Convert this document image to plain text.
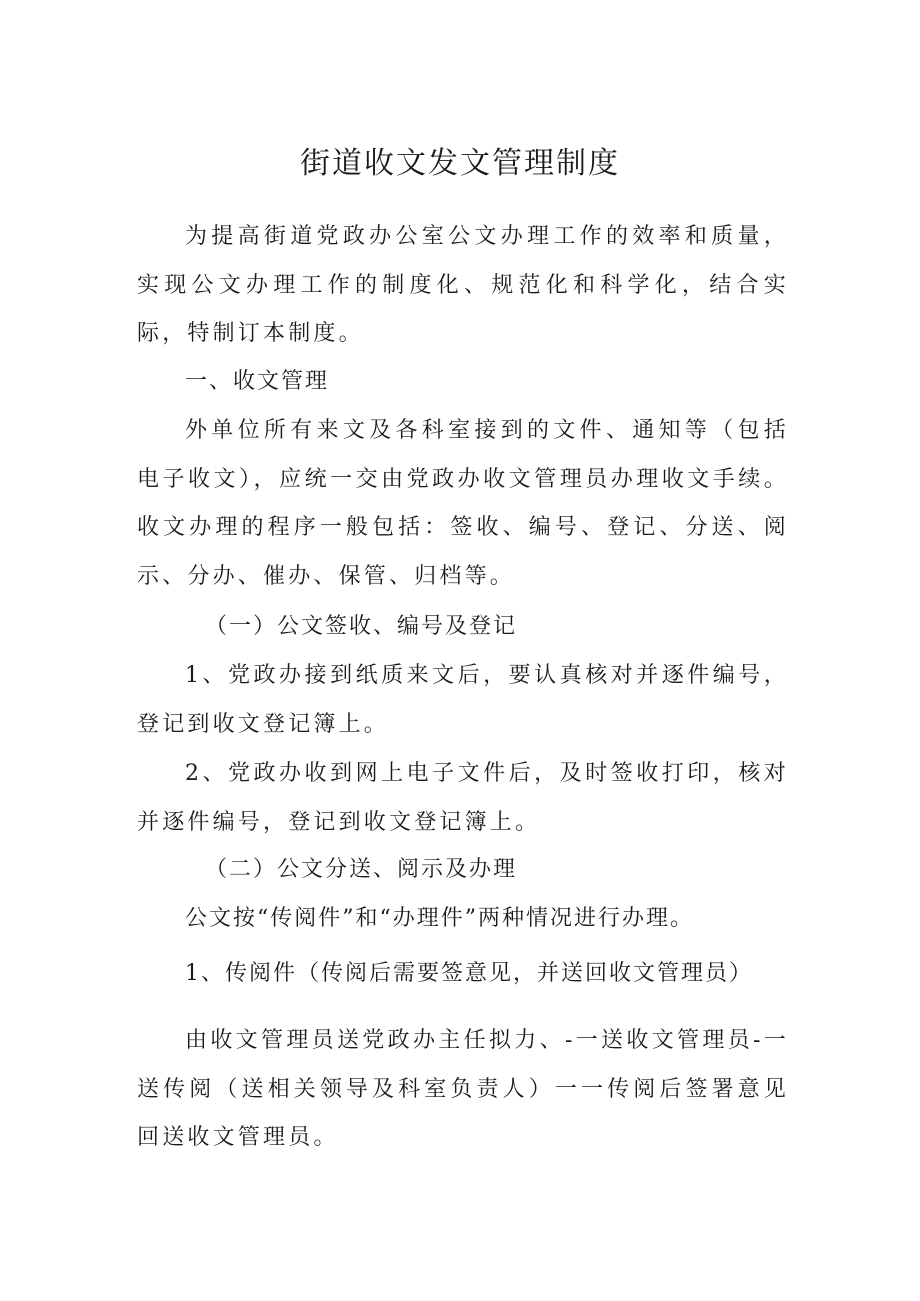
街道收文发文管理制度

为提高街道党政办公室公文办理工作的效率和质量，实现公文办理工作的制度化、规范化和科学化，结合实际，特制订本制度。

一、收文管理

外单位所有来文及各科室接到的文件、通知等（包括电子收文），应统一交由党政办收文管理员办理收文手续。收文办理的程序一般包括：签收、编号、登记、分送、阅示、分办、催办、保管、归档等。

（一）公文签收、编号及登记

1、党政办接到纸质来文后，要认真核对并逐件编号，登记到收文登记簿上。

2、党政办收到网上电子文件后，及时签收打印，核对并逐件编号，登记到收文登记簿上。

（二）公文分送、阅示及办理

公文按“传阅件”和“办理件”两种情况进行办理。

1、传阅件（传阅后需要签意见，并送回收文管理员）

由收文管理员送党政办主任拟力、-一送收文管理员-一送传阅（送相关领导及科室负责人）一一传阅后签署意见回送收文管理员。
